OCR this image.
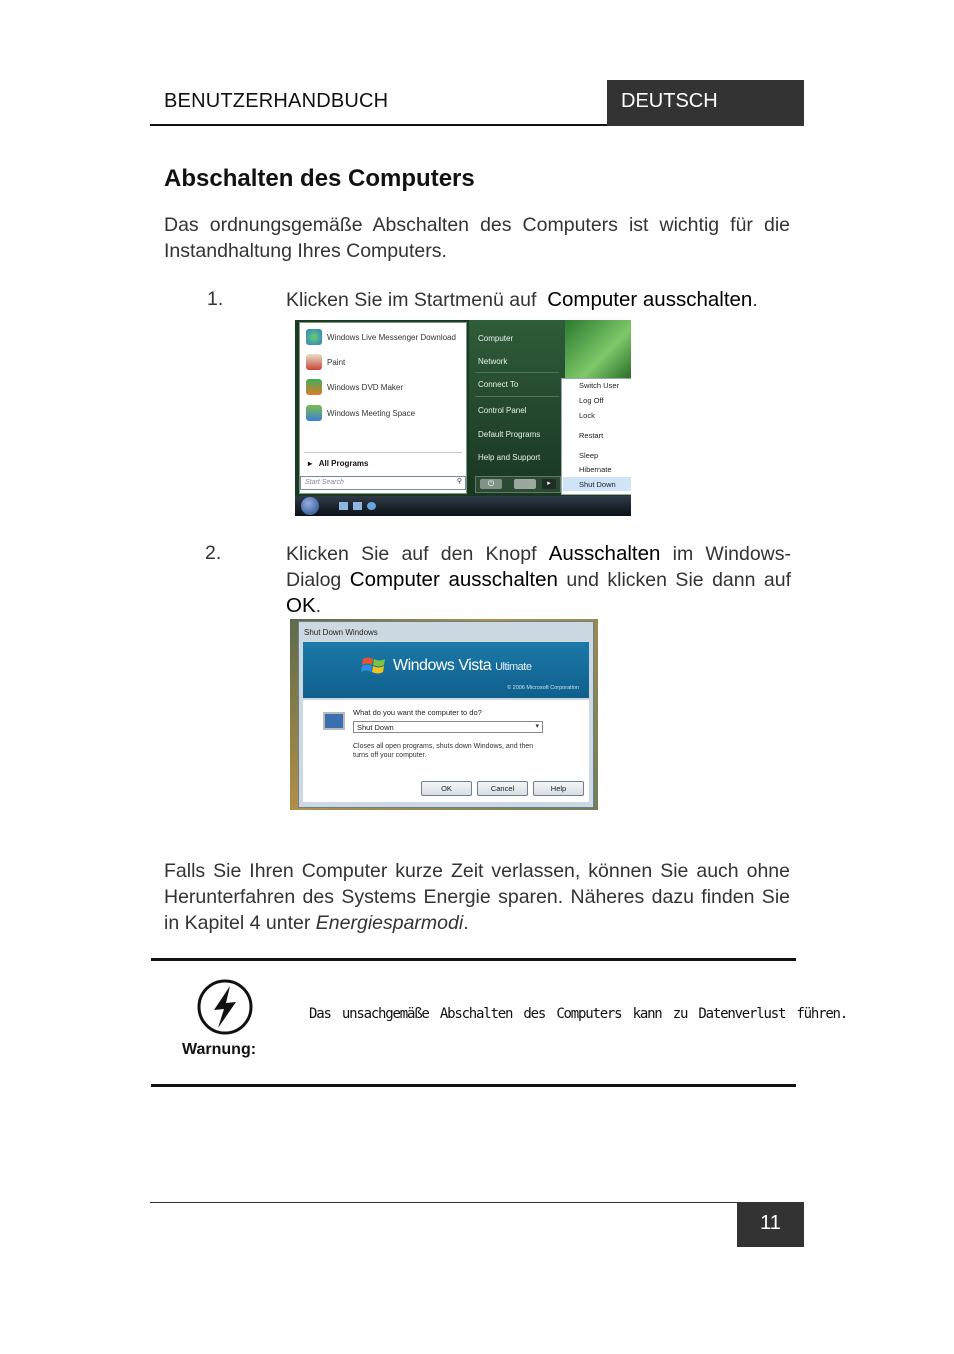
BENUTZERHANDBUCH	DEUTSCH
Abschalten des Computers
Das ordnungsgemäße Abschalten des Computers ist wichtig für die Instandhaltung Ihres Computers.
1.	Klicken Sie im Startmenü auf Computer ausschalten.
Windows Live Messenger Download
Paint
Windows DVD Maker
Windows Meeting Space
▸   All Programs
Start Search	⚲
Computer
Network
Connect To
Control Panel
Default Programs
Help and Support
⏻	▸
Switch User
Log Off
Lock
Restart
Sleep
Hibernate
Shut Down
2.	Klicken Sie auf den Knopf Ausschalten im Windows-Dialog Computer ausschalten und klicken Sie dann auf OK.
Shut Down Windows
Windows Vista Ultimate
© 2006 Microsoft Corporation
What do you want the computer to do?
Shut Down	▾
Closes all open programs, shuts down Windows, and then turns off your computer.
OK	Cancel	Help
Falls Sie Ihren Computer kurze Zeit verlassen, können Sie auch ohne Herunterfahren des Systems Energie sparen. Näheres dazu finden Sie in Kapitel 4 unter Energiesparmodi.
Warnung:
Das unsachgemäße Abschalten des Computers kann zu Datenverlust führen.
11
